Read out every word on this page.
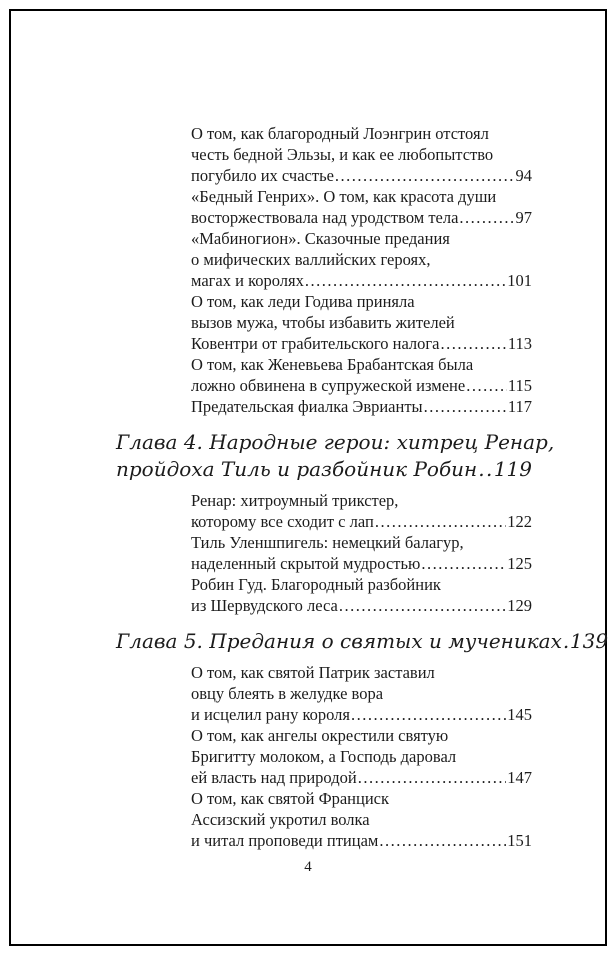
О том, как благородный Лоэнгрин отстоял
честь бедной Эльзы, и как ее любопытство
погубило их счастье .....	94
«Бедный Генрих». О том, как красота души
восторжествовала над уродством тела .....	97
«Мабиногион». Сказочные предания
о мифических валлийских героях,
магах и королях .....	101
О том, как леди Годива приняла
вызов мужа, чтобы избавить жителей
Ковентри от грабительского налога .....	113
О том, как Женевьева Брабантская была
ложно обвинена в супружеской измене .....	115
Предательская фиалка Эврианты .....	117
Глава 4. Народные герои: хитрец Ренар,
пройдоха Тиль и разбойник Робин ..... 119
Ренар: хитроумный трикстер,
которому все сходит с лап .....	122
Тиль Уленшпигель: немецкий балагур,
наделенный скрытой мудростью .....	125
Робин Гуд. Благородный разбойник
из Шервудского леса .....	129
Глава 5. Предания о святых и мучениках ..... 139
О том, как святой Патрик заставил
овцу блеять в желудке вора
и исцелил рану короля .....	145
О том, как ангелы окрестили святую
Бригитту молоком, а Господь даровал
ей власть над природой .....	147
О том, как святой Франциск
Ассизский укротил волка
и читал проповеди птицам .....	151
4
